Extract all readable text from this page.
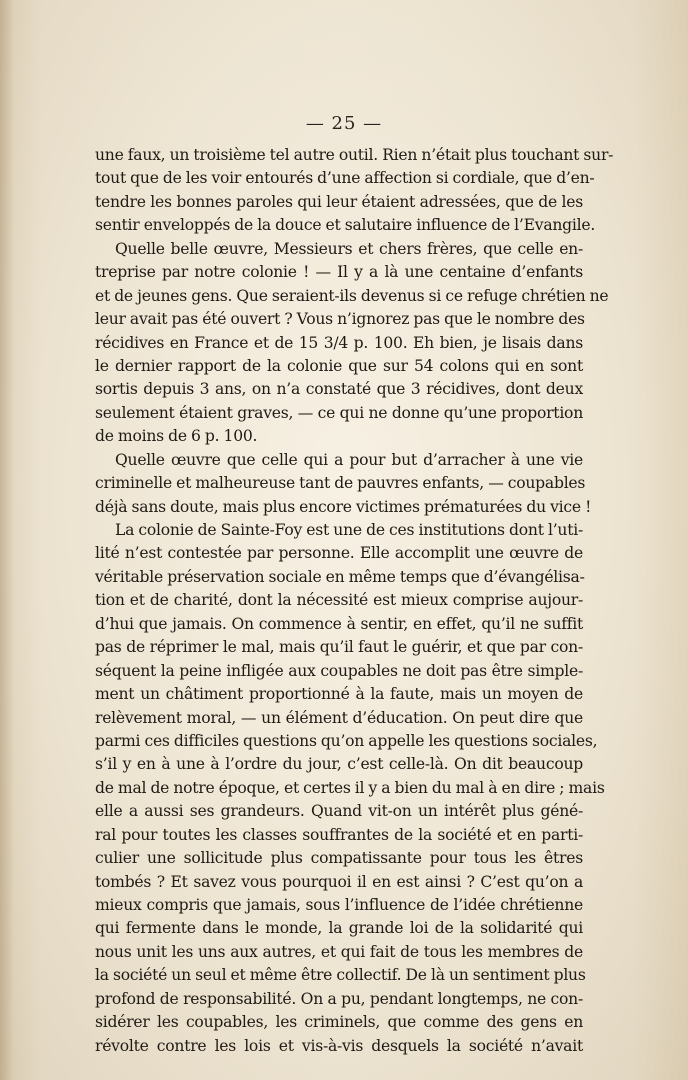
— 25 —
une faux, un troisième tel autre outil. Rien n’était plus touchant sur-
tout que de les voir entourés d’une affection si cordiale, que d’en-
tendre les bonnes paroles qui leur étaient adressées, que de les
sentir enveloppés de la douce et salutaire influence de l’Evangile.
Quelle belle œuvre, Messieurs et chers frères, que celle en-
treprise par notre colonie ! — Il y a là une centaine d’enfants
et de jeunes gens. Que seraient-ils devenus si ce refuge chrétien ne
leur avait pas été ouvert ? Vous n’ignorez pas que le nombre des
récidives en France et de 15 3/4 p. 100. Eh bien, je lisais dans
le dernier rapport de la colonie que sur 54 colons qui en sont
sortis depuis 3 ans, on n’a constaté que 3 récidives, dont deux
seulement étaient graves, — ce qui ne donne qu’une proportion
de moins de 6 p. 100.
Quelle œuvre que celle qui a pour but d’arracher à une vie
criminelle et malheureuse tant de pauvres enfants, — coupables
déjà sans doute, mais plus encore victimes prématurées du vice !
La colonie de Sainte-Foy est une de ces institutions dont l’uti-
lité n’est contestée par personne. Elle accomplit une œuvre de
véritable préservation sociale en même temps que d’évangélisa-
tion et de charité, dont la nécessité est mieux comprise aujour-
d’hui que jamais. On commence à sentir, en effet, qu’il ne suffit
pas de réprimer le mal, mais qu’il faut le guérir, et que par con-
séquent la peine infligée aux coupables ne doit pas être simple-
ment un châtiment proportionné à la faute, mais un moyen de
relèvement moral, — un élément d’éducation. On peut dire que
parmi ces difficiles questions qu’on appelle les questions sociales,
s’il y en à une à l’ordre du jour, c’est celle-là. On dit beaucoup
de mal de notre époque, et certes il y a bien du mal à en dire ; mais
elle a aussi ses grandeurs. Quand vit-on un intérêt plus géné-
ral pour toutes les classes souffrantes de la société et en parti-
culier une sollicitude plus compatissante pour tous les êtres
tombés ? Et savez vous pourquoi il en est ainsi ? C’est qu’on a
mieux compris que jamais, sous l’influence de l’idée chrétienne
qui fermente dans le monde, la grande loi de la solidarité qui
nous unit les uns aux autres, et qui fait de tous les membres de
la société un seul et même être collectif. De là un sentiment plus
profond de responsabilité. On a pu, pendant longtemps, ne con-
sidérer les coupables, les criminels, que comme des gens en
révolte contre les lois et vis-à-vis desquels la société n’avait
